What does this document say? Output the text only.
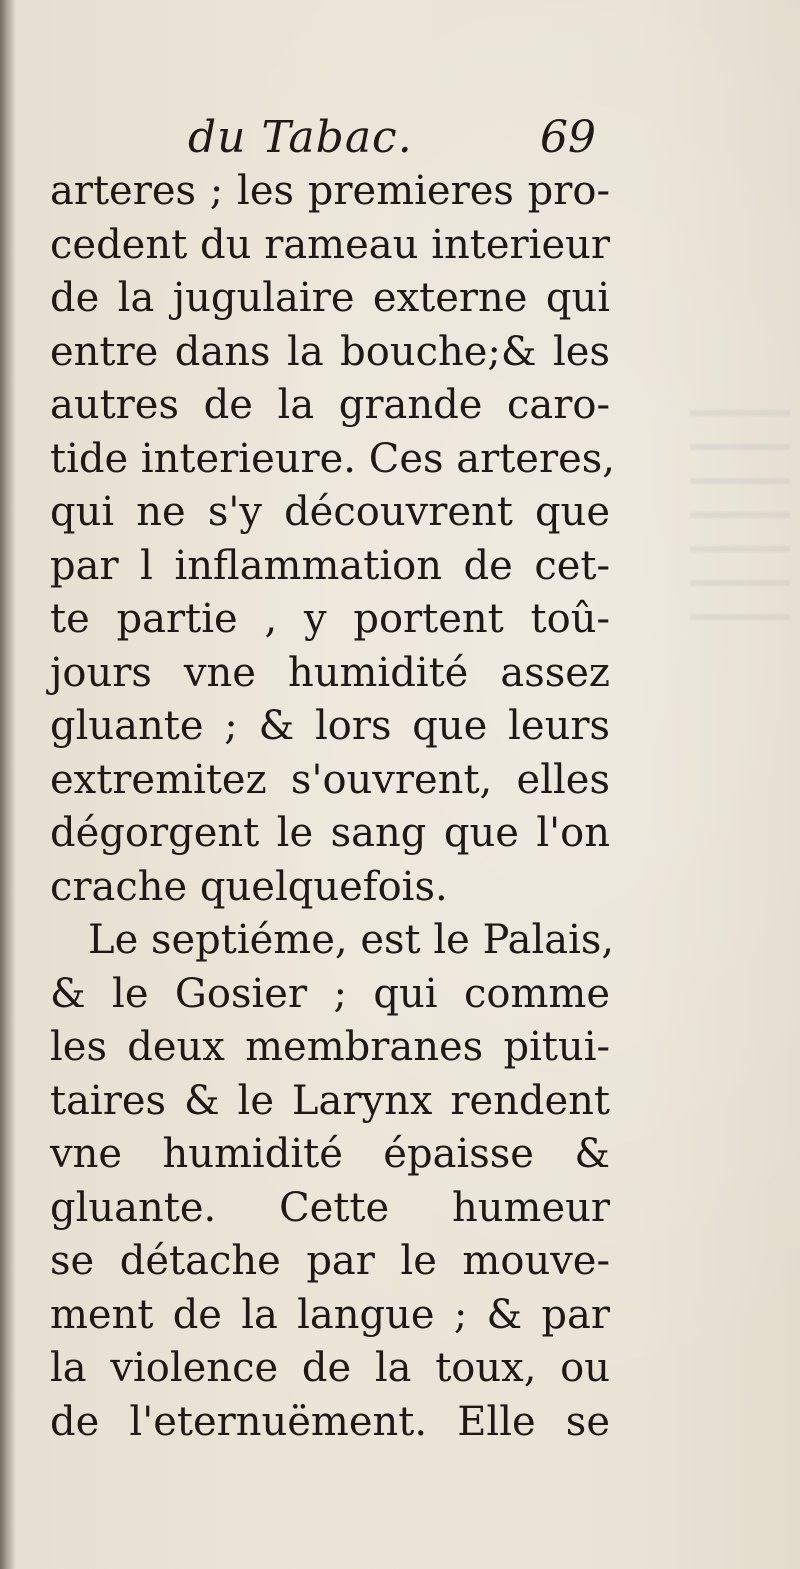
du Tabac.	69
arteres ; les premieres pro-
cedent du rameau interieur
de la jugulaire externe qui
entre dans la bouche;& les
autres de la grande caro-
tide interieure. Ces arteres,
qui ne s'y découvrent que
par l inflammation de cet-
te partie , y portent toû-
jours vne humidité assez
gluante ; & lors que leurs
extremitez s'ouvrent, elles
dégorgent le sang que l'on
crache quelquefois.
Le septiéme, est le Palais,
& le Gosier ; qui comme
les deux membranes pitui-
taires & le Larynx rendent
vne humidité épaisse &
gluante. Cette humeur
se détache par le mouve-
ment de la langue ; & par
la violence de la toux, ou
de l'eternuëment. Elle se
